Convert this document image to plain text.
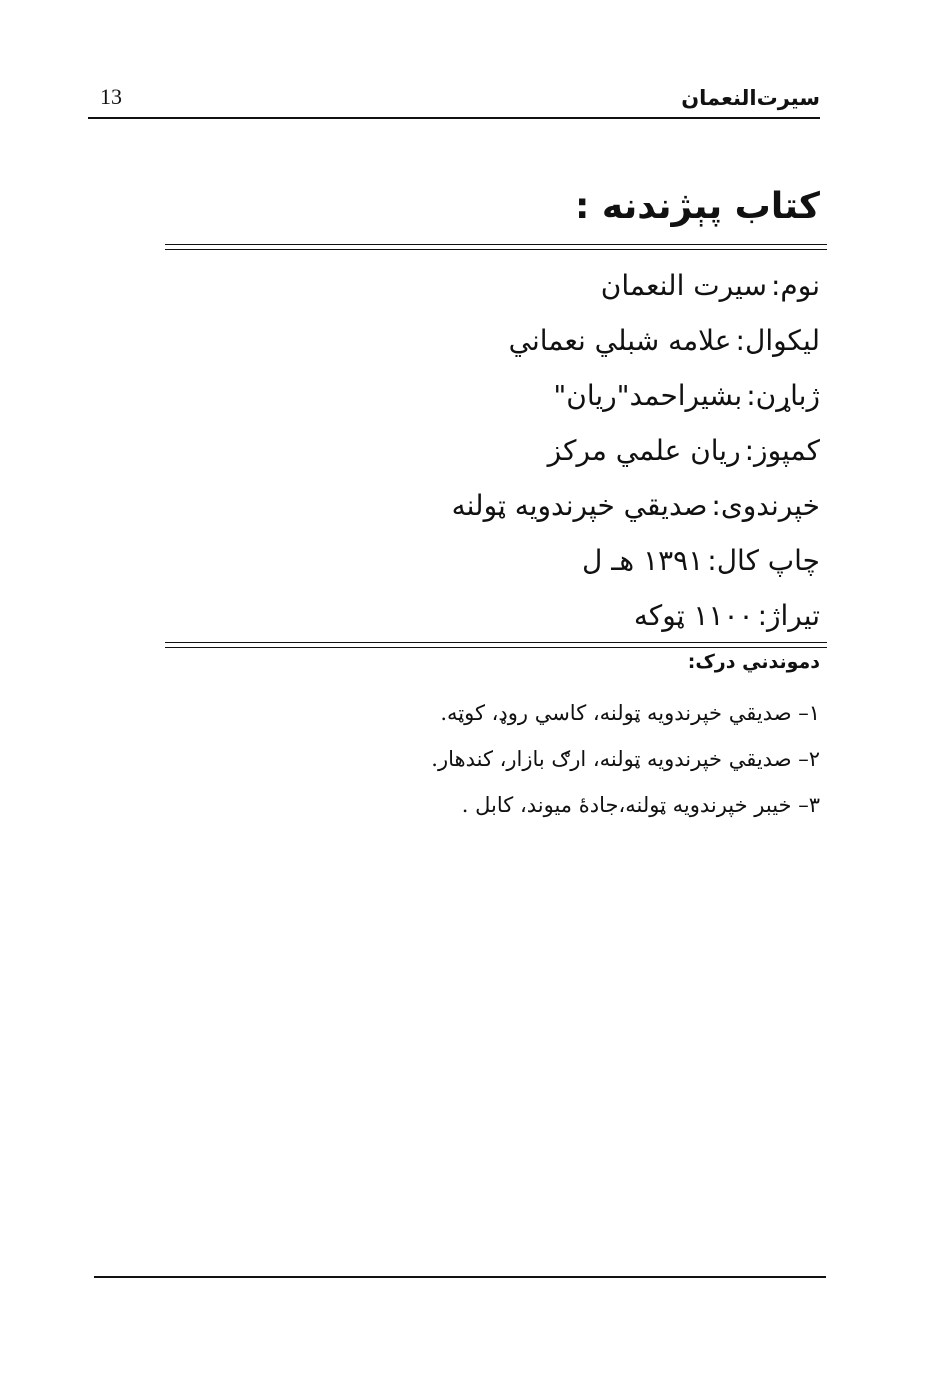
13	سیرت‌النعمان
کتاب پېژندنه :
نوم :سیرت النعمان
لیکوال :علامه شبلي نعماني
ژباړن :بشیراحمد"ریان"
کمپوز :ریان علمي مرکز
خپرندوی :صدیقي خپرندویه ټولنه
چاپ کال :۱۳۹۱ هـ ل
تیراژ :۱۱۰۰ ټوکه
دموندني درک:
۱– صدیقي خپرندویه ټولنه، کاسي روډ، کوټه.
۲– صدیقي خپرندویه ټولنه، ارګ بازار، کندهار.
۳– خیبر خپرندویه ټولنه،جادهٔ میوند، کابل .
